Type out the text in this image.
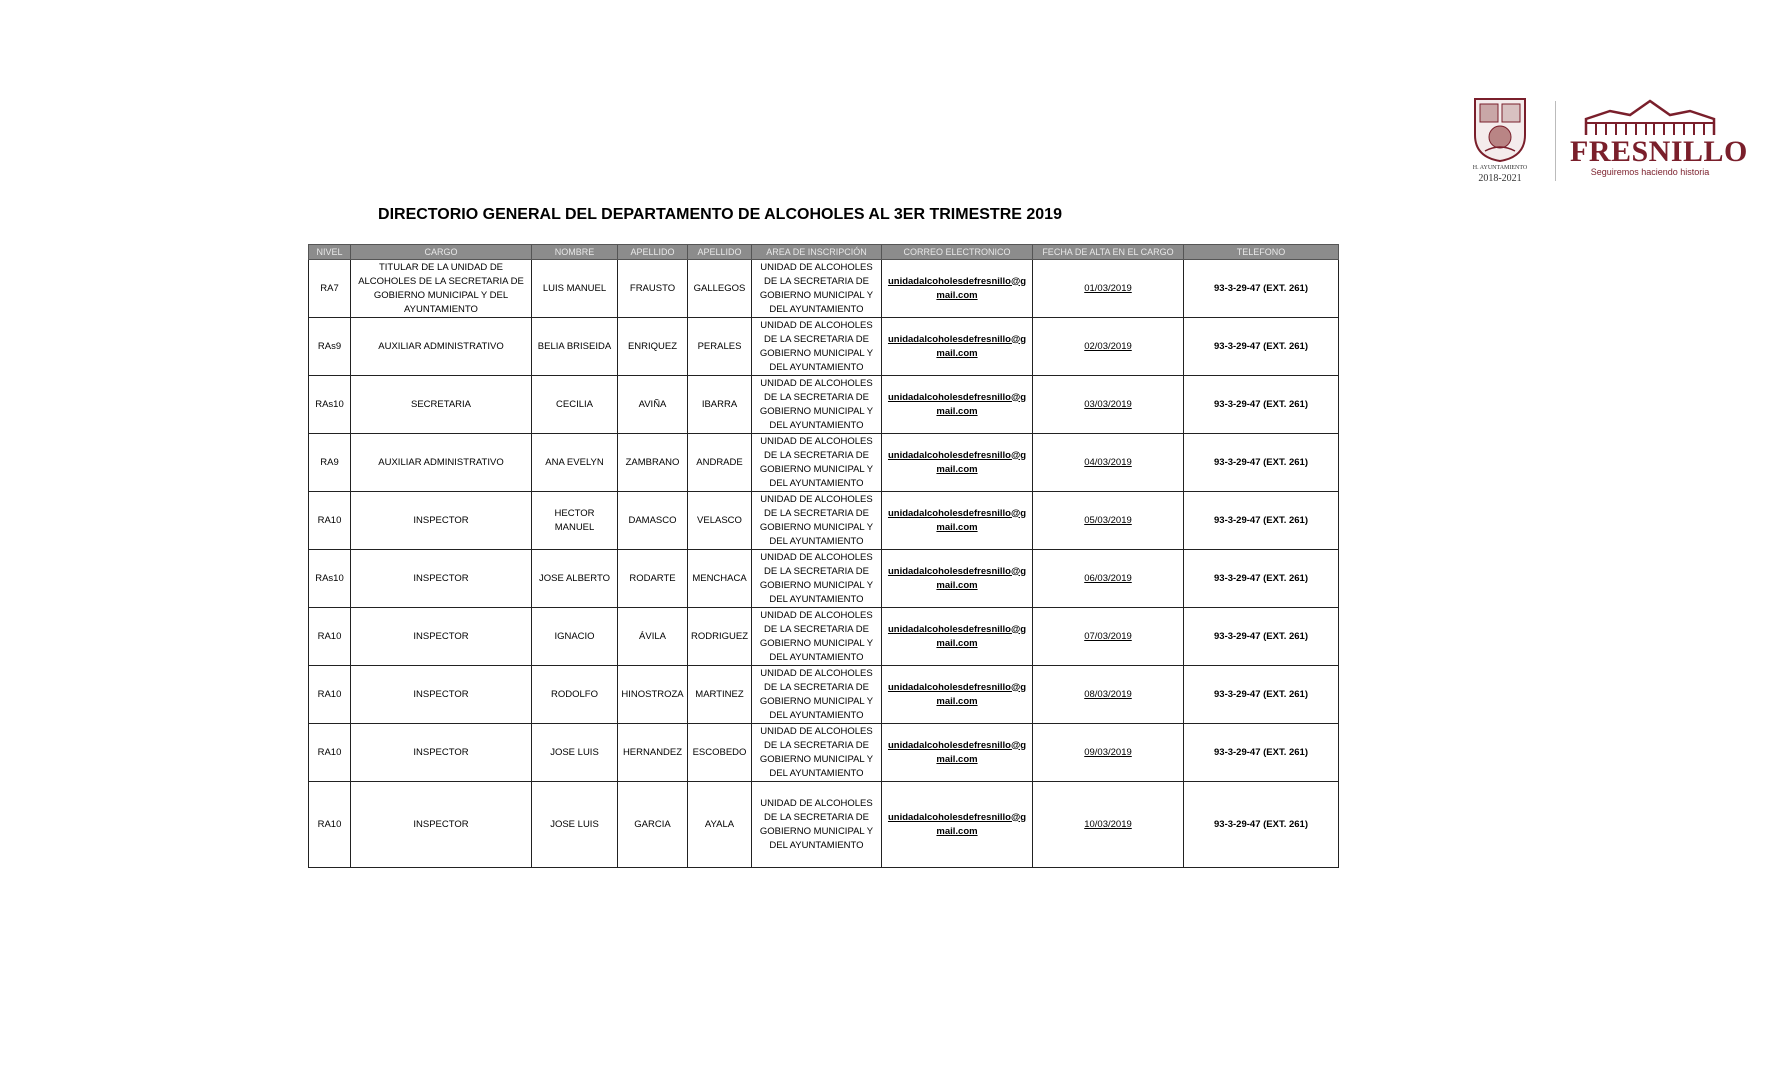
H. AYUNTAMIENTO
2018-2021
FRESNILLO
Seguiremos haciendo historia
DIRECTORIO GENERAL DEL DEPARTAMENTO DE ALCOHOLES AL 3ER TRIMESTRE 2019
NIVEL	CARGO	NOMBRE	APELLIDO	APELLIDO	AREA DE INSCRIPCIÓN	CORREO ELECTRONICO	FECHA DE ALTA EN EL CARGO	TELEFONO
RA7	TITULAR DE LA UNIDAD DE ALCOHOLES DE LA SECRETARIA DE GOBIERNO MUNICIPAL Y DEL AYUNTAMIENTO	LUIS MANUEL	FRAUSTO	GALLEGOS	UNIDAD DE ALCOHOLES DE LA SECRETARIA DE GOBIERNO MUNICIPAL Y DEL AYUNTAMIENTO	unidadalcoholesdefresnillo@gmail.com	01/03/2019	93-3-29-47 (EXT. 261)
RAs9	AUXILIAR ADMINISTRATIVO	BELIA BRISEIDA	ENRIQUEZ	PERALES	UNIDAD DE ALCOHOLES DE LA SECRETARIA DE GOBIERNO MUNICIPAL Y DEL AYUNTAMIENTO	unidadalcoholesdefresnillo@gmail.com	02/03/2019	93-3-29-47 (EXT. 261)
RAs10	SECRETARIA	CECILIA	AVIÑA	IBARRA	UNIDAD DE ALCOHOLES DE LA SECRETARIA DE GOBIERNO MUNICIPAL Y DEL AYUNTAMIENTO	unidadalcoholesdefresnillo@gmail.com	03/03/2019	93-3-29-47 (EXT. 261)
RA9	AUXILIAR ADMINISTRATIVO	ANA EVELYN	ZAMBRANO	ANDRADE	UNIDAD DE ALCOHOLES DE LA SECRETARIA DE GOBIERNO MUNICIPAL Y DEL AYUNTAMIENTO	unidadalcoholesdefresnillo@gmail.com	04/03/2019	93-3-29-47 (EXT. 261)
RA10	INSPECTOR	HECTOR MANUEL	DAMASCO	VELASCO	UNIDAD DE ALCOHOLES DE LA SECRETARIA DE GOBIERNO MUNICIPAL Y DEL AYUNTAMIENTO	unidadalcoholesdefresnillo@gmail.com	05/03/2019	93-3-29-47 (EXT. 261)
RAs10	INSPECTOR	JOSE ALBERTO	RODARTE	MENCHACA	UNIDAD DE ALCOHOLES DE LA SECRETARIA DE GOBIERNO MUNICIPAL Y DEL AYUNTAMIENTO	unidadalcoholesdefresnillo@gmail.com	06/03/2019	93-3-29-47 (EXT. 261)
RA10	INSPECTOR	IGNACIO	ÁVILA	RODRIGUEZ	UNIDAD DE ALCOHOLES DE LA SECRETARIA DE GOBIERNO MUNICIPAL Y DEL AYUNTAMIENTO	unidadalcoholesdefresnillo@gmail.com	07/03/2019	93-3-29-47 (EXT. 261)
RA10	INSPECTOR	RODOLFO	HINOSTROZA	MARTINEZ	UNIDAD DE ALCOHOLES DE LA SECRETARIA DE GOBIERNO MUNICIPAL Y DEL AYUNTAMIENTO	unidadalcoholesdefresnillo@gmail.com	08/03/2019	93-3-29-47 (EXT. 261)
RA10	INSPECTOR	JOSE LUIS	HERNANDEZ	ESCOBEDO	UNIDAD DE ALCOHOLES DE LA SECRETARIA DE GOBIERNO MUNICIPAL Y DEL AYUNTAMIENTO	unidadalcoholesdefresnillo@gmail.com	09/03/2019	93-3-29-47 (EXT. 261)
RA10	INSPECTOR	JOSE LUIS	GARCIA	AYALA	UNIDAD DE ALCOHOLES DE LA SECRETARIA DE GOBIERNO MUNICIPAL Y DEL AYUNTAMIENTO	unidadalcoholesdefresnillo@gmail.com	10/03/2019	93-3-29-47 (EXT. 261)
